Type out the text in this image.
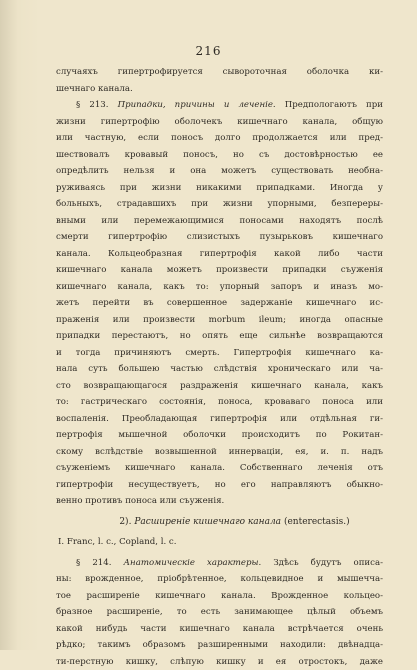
216
случаяхъ гипертрофируется сывороточная оболочка ки-
шечнаго канала.
§ 213. Припадки, причины и леченіе. Предпологаютъ при
жизни гипертрофію оболочекъ кишечнаго канала, общую
или частную, если поносъ долго продолжается или пред-
шествовалъ кровавый поносъ, но съ достовѣрностью ее
опредѣлить нельзя и она можетъ существовать необна-
руживаясь при жизни никакими припадками. Иногда у
больныхъ, страдавшихъ при жизни упорными, безпереры-
вными или перемежающимися поносами находятъ послѣ
смерти гипертрофію слизистыхъ пузырьковъ кишечнаго
канала. Кольцеобразная гипертрофія какой либо части
кишечнаго канала можетъ произвести припадки съуженія
кишечнаго канала, какъ то: упорный запоръ и иназъ мо-
жетъ перейти въ совершенное задержаніе кишечнаго ис-
праженія или произвести morbum ileum; иногда опасные
припадки перестаютъ, но опять еще сильнѣе возвращаются
и тогда причиняютъ смерть. Гипертрофія кишечнаго ка-
нала суть большею частью слѣдствія хроническаго или ча-
сто возвращающагося раздраженія кишечнаго канала, какъ
то: гастрическаго состоянія, поноса, кроваваго поноса или
воспаленія. Преобладающая гипертрофія или отдѣльная ги-
пертрофія мышечной оболочки происходитъ по Рокитан-
скому вслѣдствіе возвышенной иннерваціи, ея, и. п. надъ
съуженіемъ кишечнаго канала. Собственнаго леченія отъ
гипертрофіи несуществуетъ, но его направляютъ обыкно-
венно противъ поноса или съуженія.
2). Расширеніе кишечнаго канала (enterectasis.)
I. Franc, l. c., Copland, l. c.
§ 214. Анатомическіе характеры. Здѣсь будутъ описа-
ны: врожденное, пріобрѣтенное, кольцевидное и мышечча-
тое расширеніе кишечнаго канала. Врожденное кольцео-
бразное расширеніе, то есть занимающее цѣлый объемъ
какой нибудь части кишечнаго канала встрѣчается очень
рѣдко; такимъ образомъ разширенными находили: двѣнадца-
ти-перстную кишку, слѣпую кишку и ея отростокъ, даже
